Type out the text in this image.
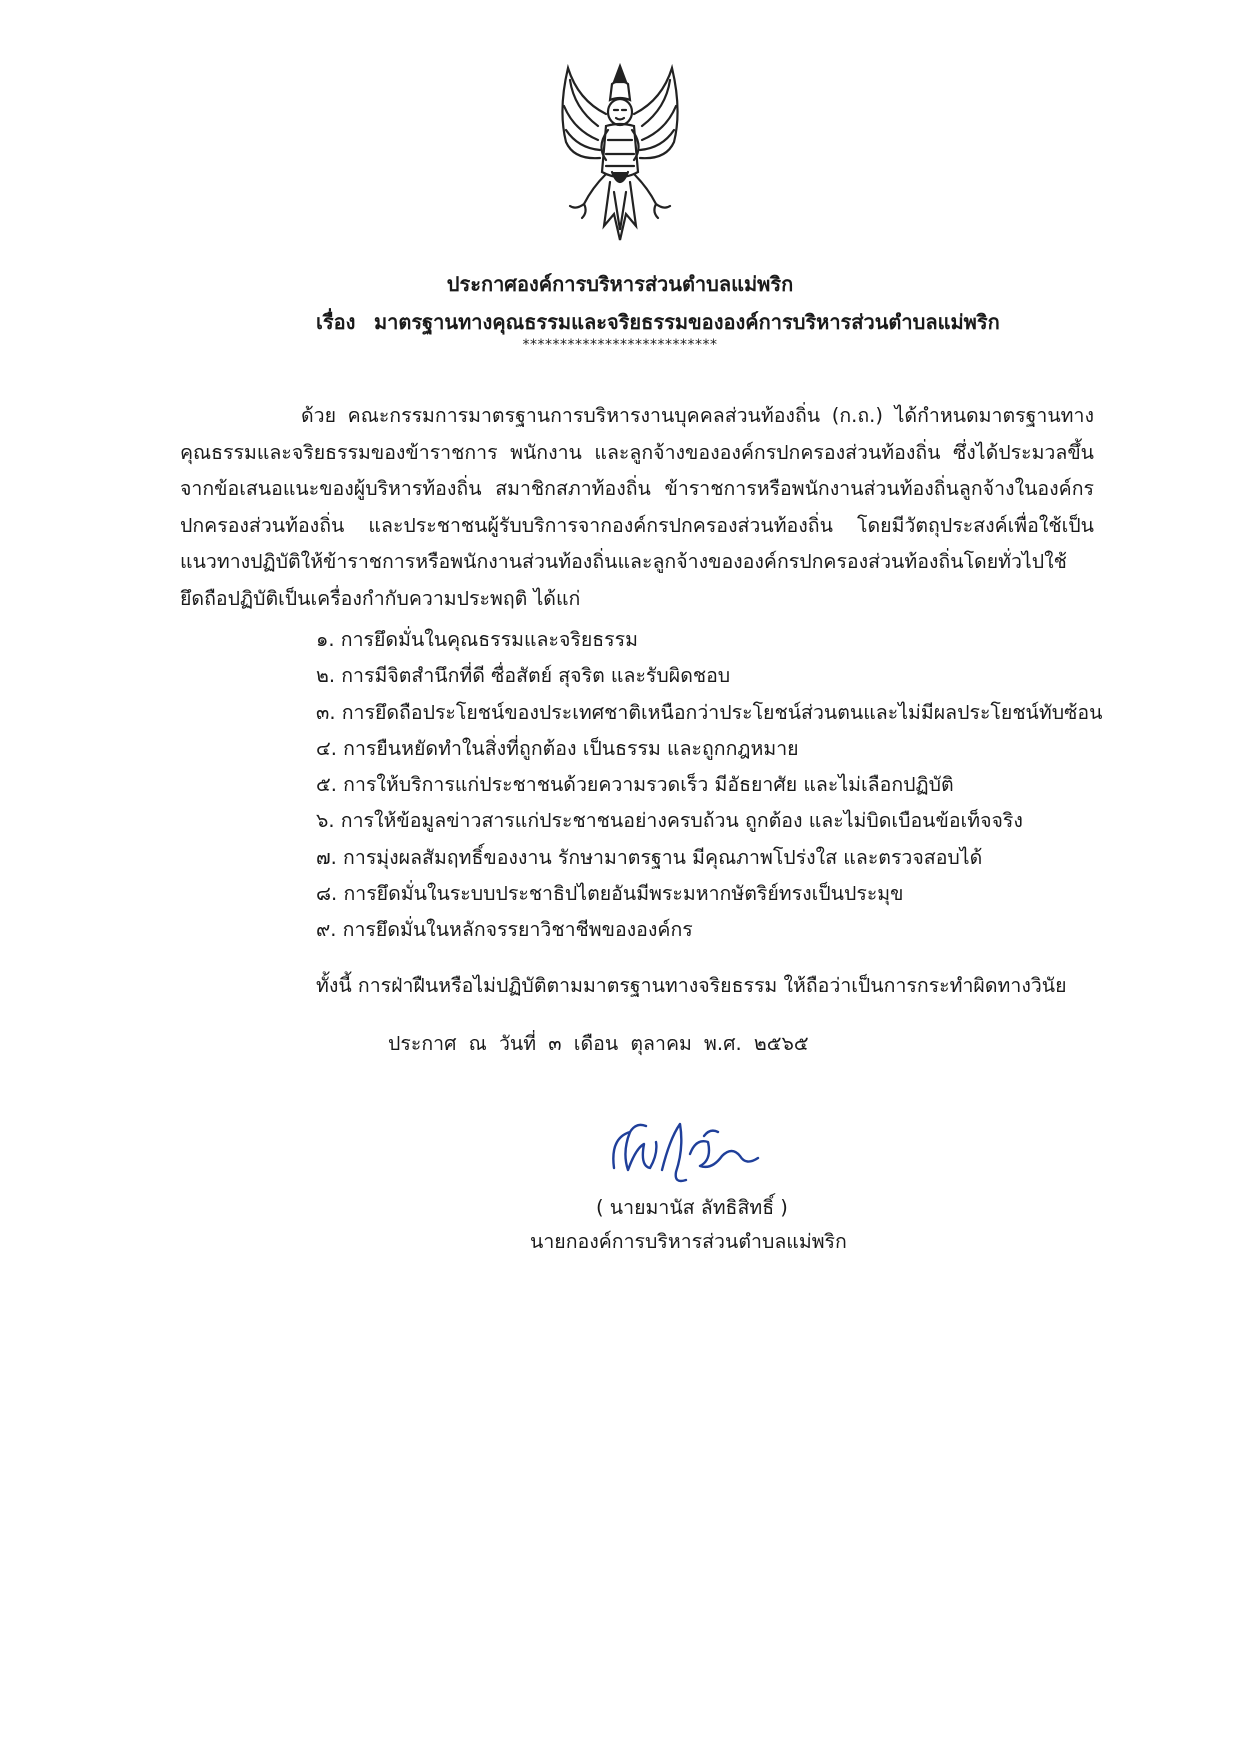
ประกาศองค์การบริหารส่วนตำบลแม่พริก
เรื่อง มาตรฐานทางคุณธรรมและจริยธรรมขององค์การบริหารส่วนตำบลแม่พริก
**************************

ด้วย คณะกรรมการมาตรฐานการบริหารงานบุคคลส่วนท้องถิ่น (ก.ถ.) ได้กำหนดมาตรฐานทางคุณธรรมและจริยธรรมของข้าราชการ พนักงาน และลูกจ้างขององค์กรปกครองส่วนท้องถิ่น ซึ่งได้ประมวลขึ้นจากข้อเสนอแนะของผู้บริหารท้องถิ่น สมาชิกสภาท้องถิ่น ข้าราชการหรือพนักงานส่วนท้องถิ่นลูกจ้างในองค์กรปกครองส่วนท้องถิ่น และประชาชนผู้รับบริการจากองค์กรปกครองส่วนท้องถิ่น โดยมีวัตถุประสงค์เพื่อใช้เป็นแนวทางปฏิบัติให้ข้าราชการหรือพนักงานส่วนท้องถิ่นและลูกจ้างขององค์กรปกครองส่วนท้องถิ่นโดยทั่วไปใช้ยึดถือปฏิบัติเป็นเครื่องกำกับความประพฤติ ได้แก่

๑. การยึดมั่นในคุณธรรมและจริยธรรม
๒. การมีจิตสำนึกที่ดี ซื่อสัตย์ สุจริต และรับผิดชอบ
๓. การยึดถือประโยชน์ของประเทศชาติเหนือกว่าประโยชน์ส่วนตนและไม่มีผลประโยชน์ทับซ้อน
๔. การยืนหยัดทำในสิ่งที่ถูกต้อง เป็นธรรม และถูกกฎหมาย
๕. การให้บริการแก่ประชาชนด้วยความรวดเร็ว มีอัธยาศัย และไม่เลือกปฏิบัติ
๖. การให้ข้อมูลข่าวสารแก่ประชาชนอย่างครบถ้วน ถูกต้อง และไม่บิดเบือนข้อเท็จจริง
๗. การมุ่งผลสัมฤทธิ์ของงาน รักษามาตรฐาน มีคุณภาพโปร่งใส และตรวจสอบได้
๘. การยึดมั่นในระบบประชาธิปไตยอันมีพระมหากษัตริย์ทรงเป็นประมุข
๙. การยึดมั่นในหลักจรรยาวิชาชีพขององค์กร
ทั้งนี้ การฝ่าฝืนหรือไม่ปฏิบัติตามมาตรฐานทางจริยธรรม ให้ถือว่าเป็นการกระทำผิดทางวินัย
ประกาศ ณ วันที่ ๓ เดือน ตุลาคม พ.ศ. ๒๕๖๕
( นายมานัส ลัทธิสิทธิ์ )
นายกองค์การบริหารส่วนตำบลแม่พริก
